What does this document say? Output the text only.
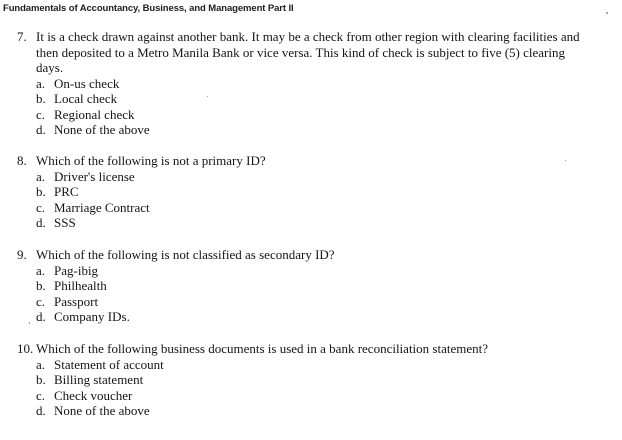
Fundamentals of Accountancy, Business, and Management Part II
7. It is a check drawn against another bank. It may be a check from other region with clearing facilities and
then deposited to a Metro Manila Bank or vice versa. This kind of check is subject to five (5) clearing
days.
a. On-us check
b. Local check
c. Regional check
d. None of the above
8. Which of the following is not a primary ID?
a. Driver's license
b. PRC
c. Marriage Contract
d. SSS
9. Which of the following is not classified as secondary ID?
a. Pag-ibig
b. Philhealth
c. Passport
d. Company IDs.
10. Which of the following business documents is used in a bank reconciliation statement?
a. Statement of account
b. Billing statement
c. Check voucher
d. None of the above
